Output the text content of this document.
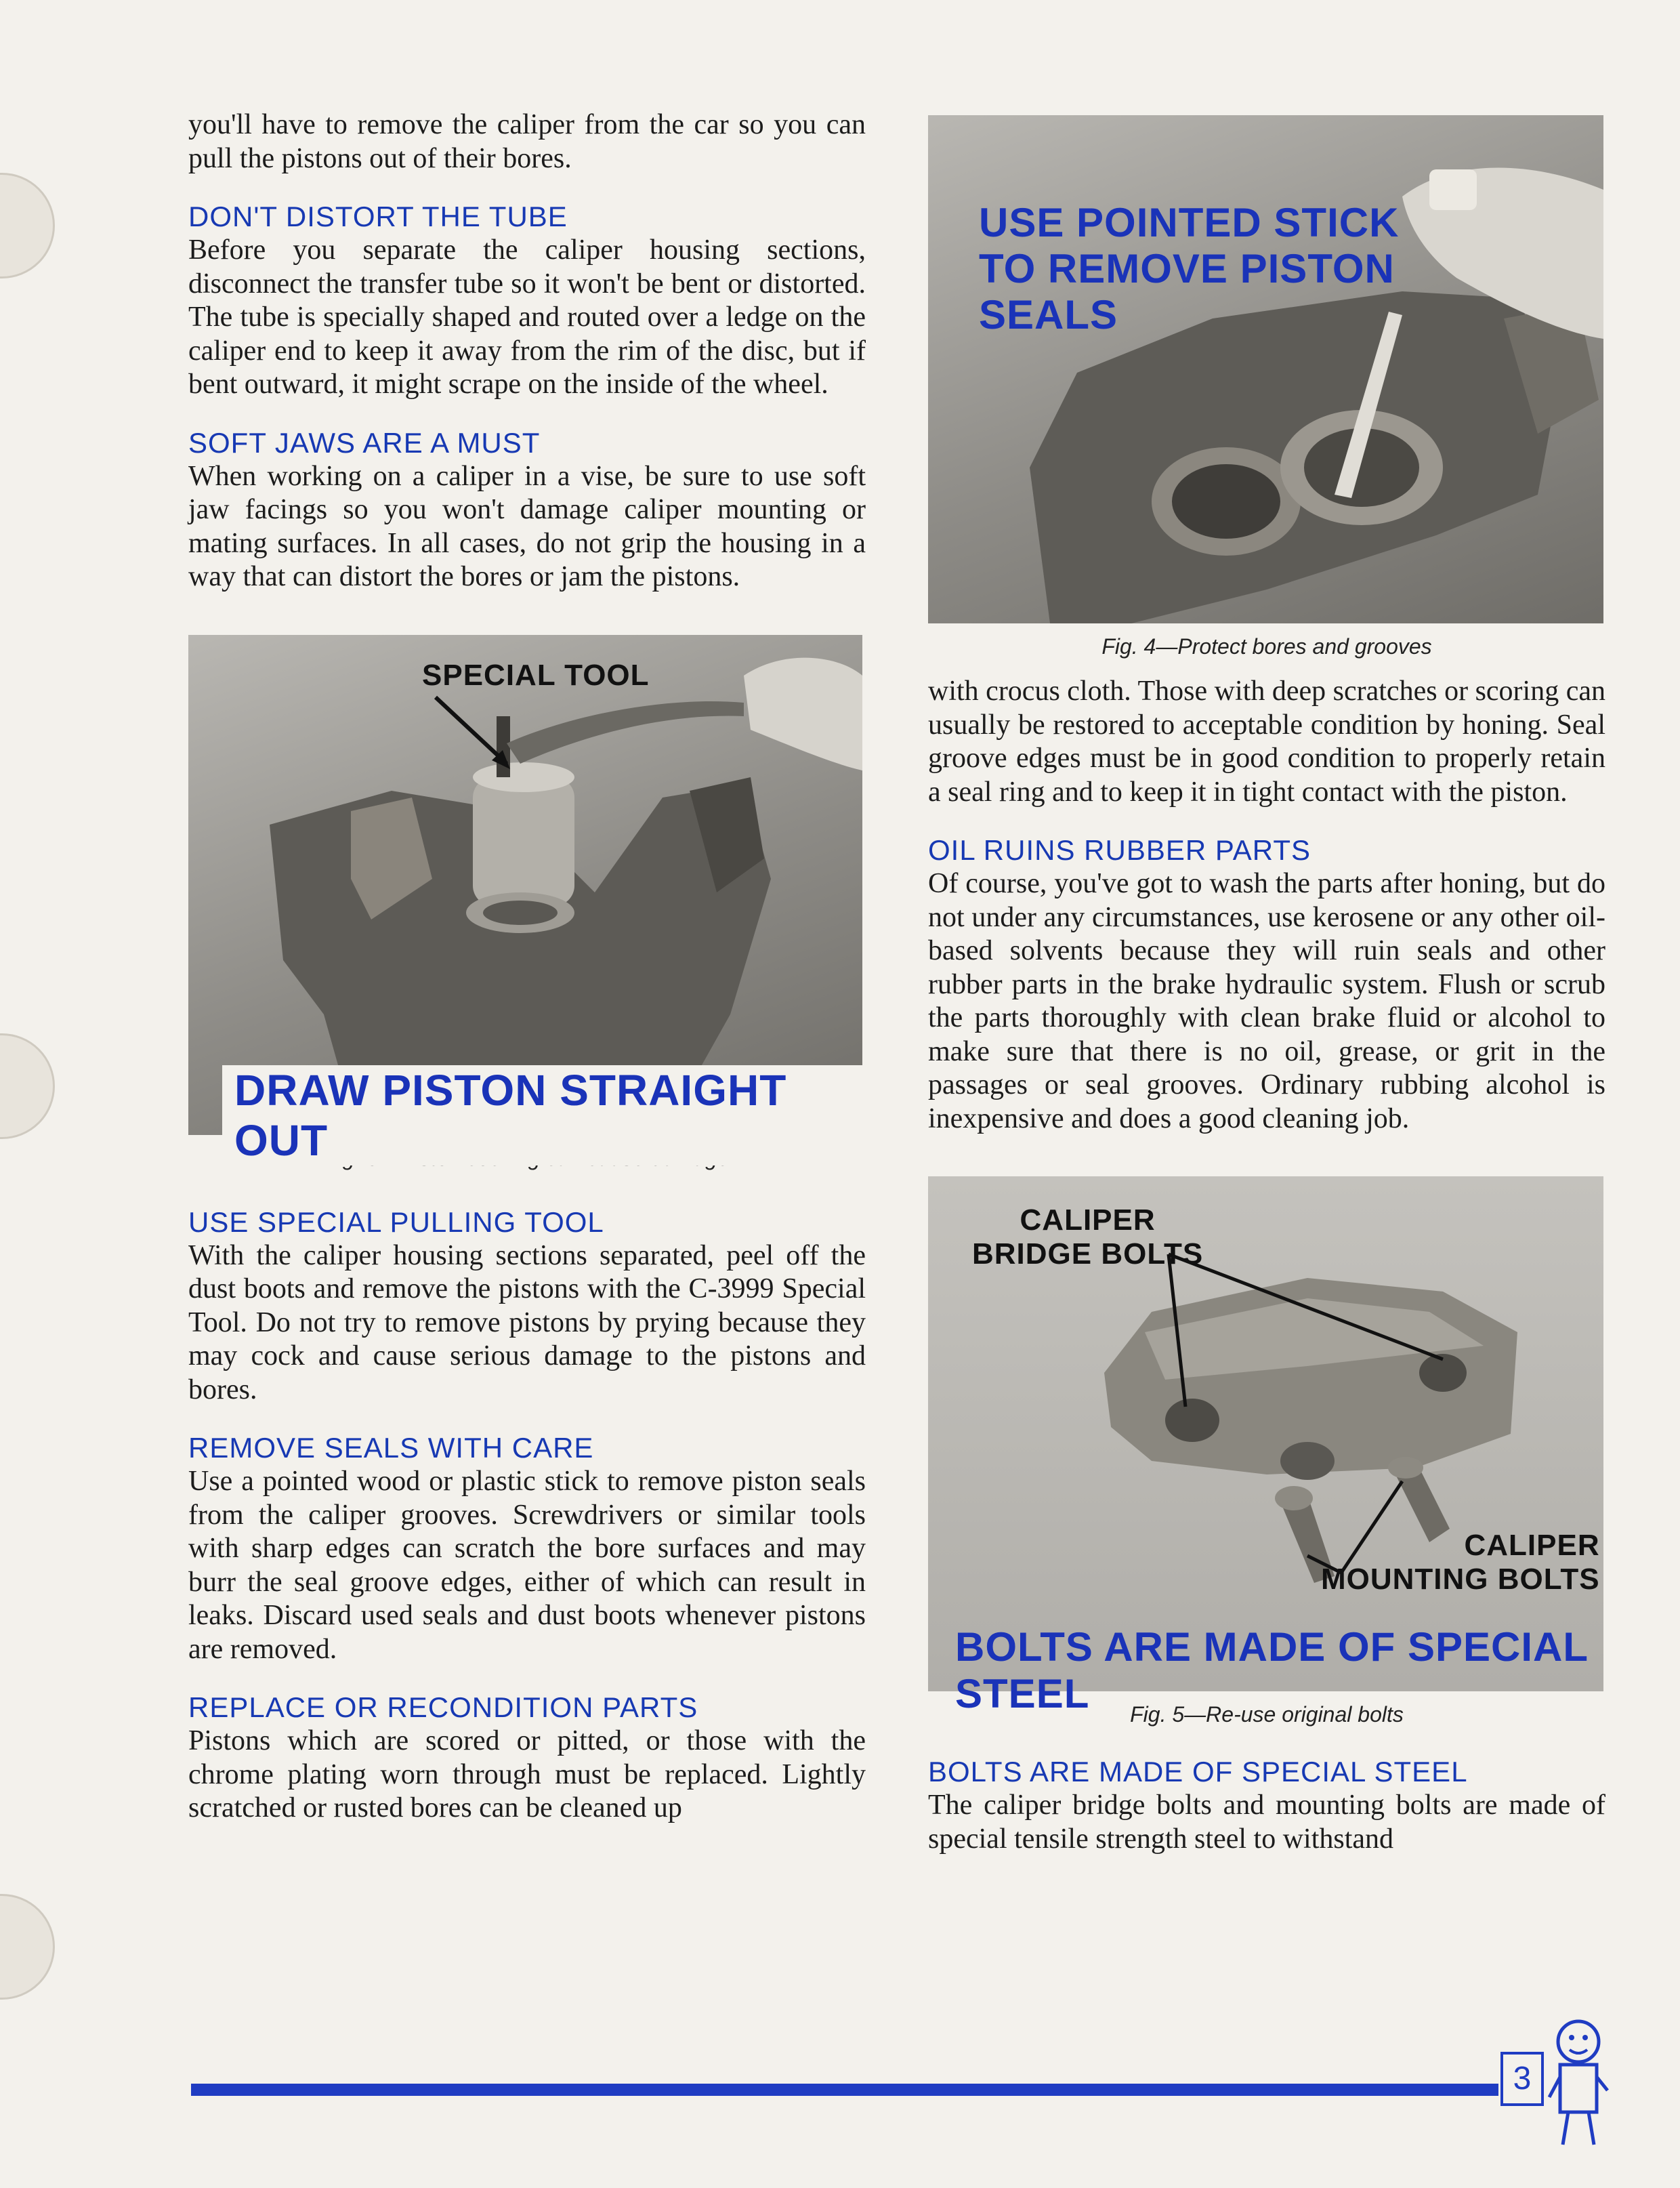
you'll have to remove the caliper from the car so you can pull the pistons out of their bores.

DON'T DISTORT THE TUBE

Before you separate the caliper housing sections, disconnect the transfer tube so it won't be bent or distorted. The tube is specially shaped and routed over a ledge on the caliper end to keep it away from the rim of the disc, but if bent outward, it might scrape on the inside of the wheel.

SOFT JAWS ARE A MUST

When working on a caliper in a vise, be sure to use soft jaw facings so you won't damage caliper mounting or mating surfaces. In all cases, do not grip the housing in a way that can distort the bores or jam the pistons.

SPECIAL TOOL
DRAW PISTON STRAIGHT OUT
USE SPECIAL PULLING TOOL

With the caliper housing sections separated, peel off the dust boots and remove the pistons with the C-3999 Special Tool. Do not try to remove pistons by prying because they may cock and cause serious damage to the pistons and bores.

REMOVE SEALS WITH CARE

Use a pointed wood or plastic stick to remove piston seals from the caliper grooves. Screwdrivers or similar tools with sharp edges can scratch the bore surfaces and may burr the seal groove edges, either of which can result in leaks. Discard used seals and dust boots whenever pistons are removed.

REPLACE OR RECONDITION PARTS

Pistons which are scored or pitted, or those with the chrome plating worn through must be replaced. Lightly scratched or rusted bores can be cleaned up

USE POINTED STICK
TO REMOVE PISTON
SEALS
Fig. 4—Protect bores and grooves

with crocus cloth. Those with deep scratches or scoring can usually be restored to acceptable condition by honing. Seal groove edges must be in good condition to properly retain a seal ring and to keep it in tight contact with the piston.

OIL RUINS RUBBER PARTS

Of course, you've got to wash the parts after honing, but do not under any circumstances, use kerosene or any other oil-based solvents because they will ruin seals and other rubber parts in the brake hydraulic system. Flush or scrub the parts thoroughly with clean brake fluid or alcohol to make sure that there is no oil, grease, or grit in the passages or seal grooves. Ordinary rubbing alcohol is inexpensive and does a good cleaning job.

CALIPER
BRIDGE BOLTS
CALIPER
MOUNTING BOLTS
BOLTS ARE MADE OF SPECIAL STEEL	Fig. 5—Re-use original bolts
BOLTS ARE MADE OF SPECIAL STEEL

The caliper bridge bolts and mounting bolts are made of special tensile strength steel to withstand

3
